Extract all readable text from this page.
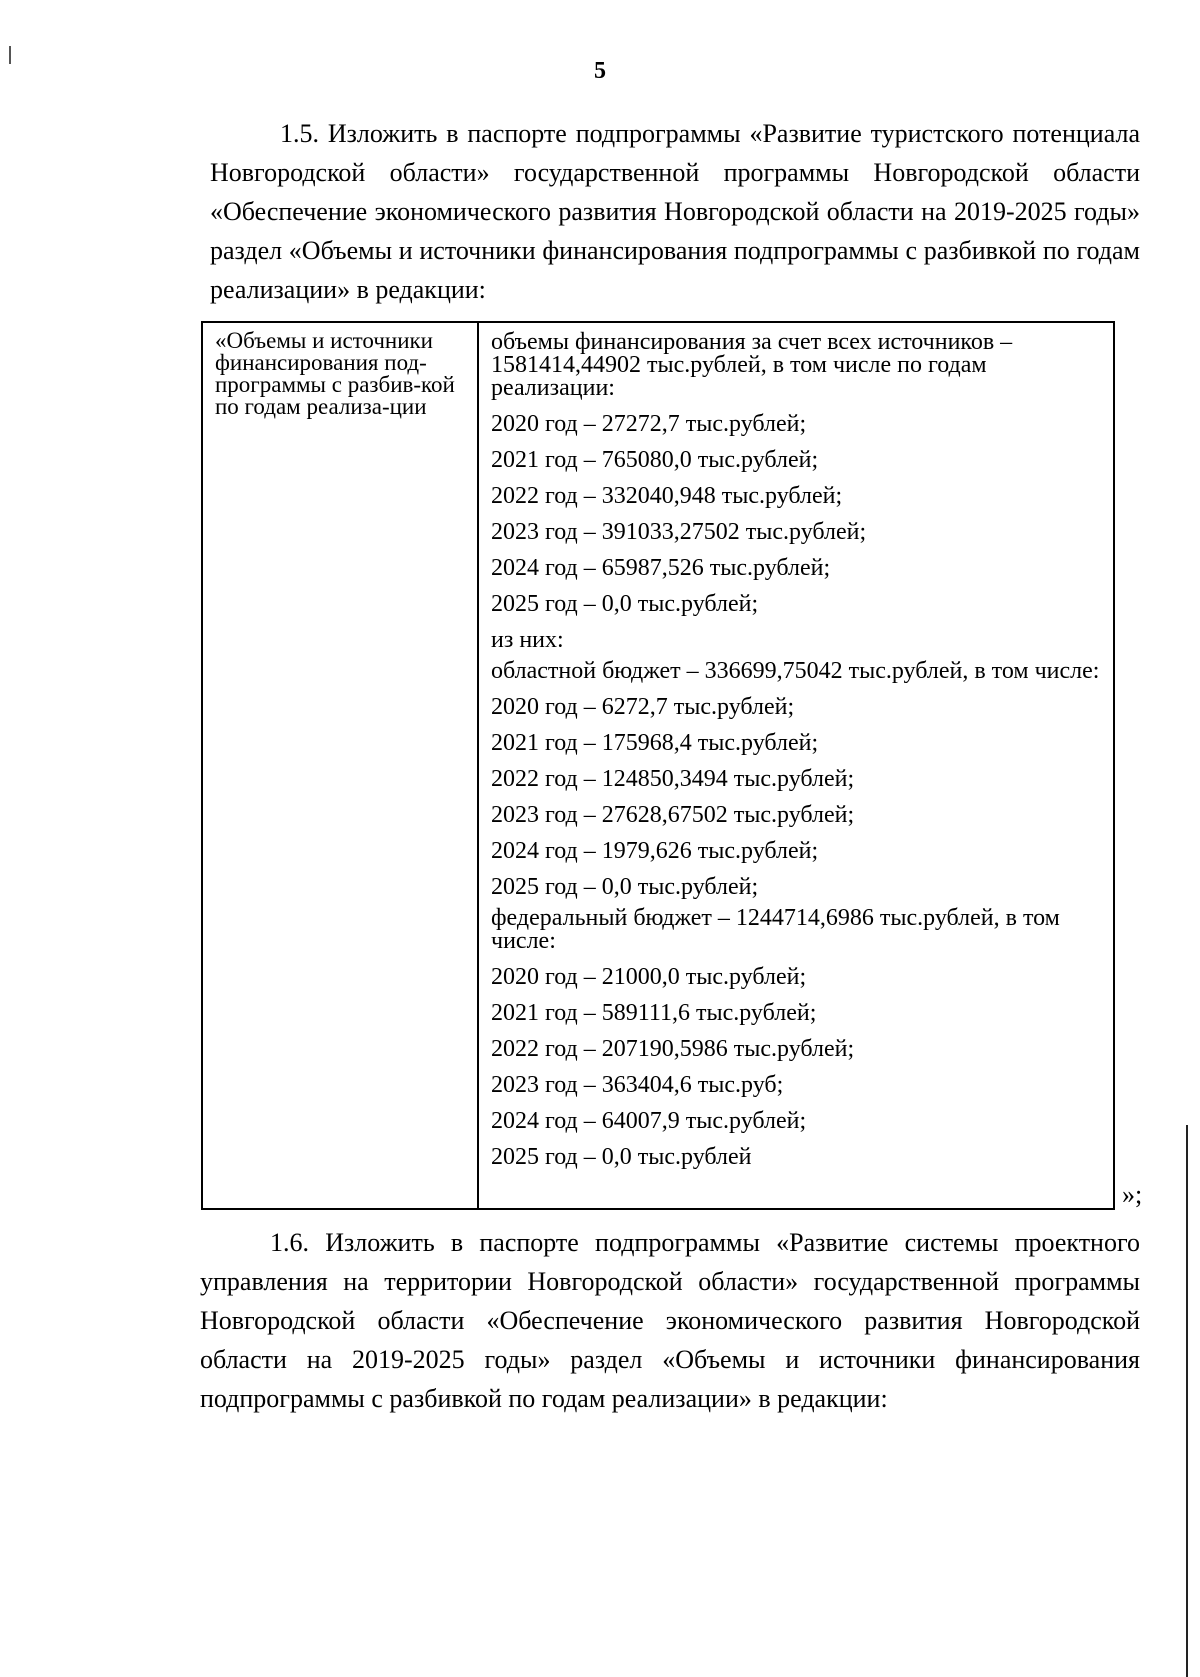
5

1.5. Изложить в паспорте подпрограммы «Развитие туристского потенциала Новгородской области» государственной программы Новгородской области «Обеспечение экономического развития Новгородской области на 2019-2025 годы» раздел «Объемы и источники финансирования подпрограммы с разбивкой по годам реализации» в редакции:

«Объемы и источники финансирования под-программы с разбив-кой по годам реализа-ции
объемы финансирования за счет всех источников – 1581414,44902 тыс.рублей, в том числе по годам реализации:
2020 год – 27272,7 тыс.рублей;
2021 год – 765080,0 тыс.рублей;
2022 год – 332040,948 тыс.рублей;
2023 год – 391033,27502 тыс.рублей;
2024 год – 65987,526 тыс.рублей;
2025 год – 0,0 тыс.рублей;
из них:
областной бюджет – 336699,75042 тыс.рублей, в том числе:
2020 год – 6272,7 тыс.рублей;
2021 год – 175968,4 тыс.рублей;
2022 год – 124850,3494 тыс.рублей;
2023 год – 27628,67502 тыс.рублей;
2024 год – 1979,626 тыс.рублей;
2025 год – 0,0 тыс.рублей;
федеральный бюджет – 1244714,6986 тыс.рублей, в том числе:
2020 год – 21000,0 тыс.рублей;
2021 год – 589111,6 тыс.рублей;
2022 год – 207190,5986 тыс.рублей;
2023 год – 363404,6 тыс.руб;
2024 год – 64007,9 тыс.рублей;
2025 год – 0,0 тыс.рублей
»;

1.6. Изложить в паспорте подпрограммы «Развитие системы проектного управления на территории Новгородской области» государственной программы Новгородской области «Обеспечение экономического развития Новгородской области на 2019-2025 годы» раздел «Объемы и источники финансирования подпрограммы с разбивкой по годам реализации» в редакции:
